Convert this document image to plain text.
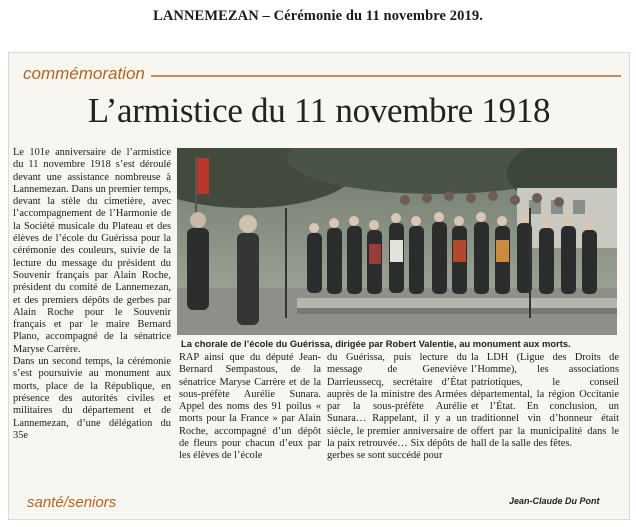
LANNEMEZAN – Cérémonie du 11 novembre 2019.
commémoration
L’armistice du 11 novembre 1918

Le 101e anniversaire de l’armistice du 11 novembre 1918 s’est déroulé devant une assistance nombreuse à Lannemezan. Dans un premier temps, devant la stèle du cimetière, avec l’accompagnement de l’Harmonie de la Société musicale du Plateau et des élèves de l’école du Guérissa pour la cérémonie des couleurs, suivie de la lecture du message du président du Souvenir français par Alain Roche, président du comité de Lannemezan, et des premiers dépôts de gerbes par Alain Roche pour le Souvenir français et par le maire Bernard Plano, accompagné de la sénatrice Maryse Carrère.

Dans un second temps, la cérémonie s’est poursuivie au monument aux morts, place de la République, en présence des autorités civiles et militaires du département et de Lannemezan, d’une délégation du 35e

La chorale de l’école du Guérissa, dirigée par Robert Valentie, au monument aux morts.
RAP ainsi que du député Jean-Bernard Sempastous, de la sénatrice Maryse Carrère et de la sous-préfète Aurélie Sunara. Appel des noms des 91 poilus « morts pour la France » par Alain Roche, accompagné d’un dépôt de fleurs pour chacun d’eux par les élèves de l’école
du Guérissa, puis lecture du message de Geneviève Darrieussecq, secrétaire d’État auprès de la ministre des Armées par la sous-préfète Aurélie Sunara… Rappelant, il y a un siècle, le premier anniversaire de la paix retrouvée… Six dépôts de gerbes se sont succédé pour
la LDH (Ligue des Droits de l’Homme), les associations patriotiques, le conseil départemental, la région Occitanie et l’État. En conclusion, un traditionnel vin d’honneur était offert par la municipalité dans le hall de la salle des fêtes.
Jean-Claude Du Pont
santé/seniors
